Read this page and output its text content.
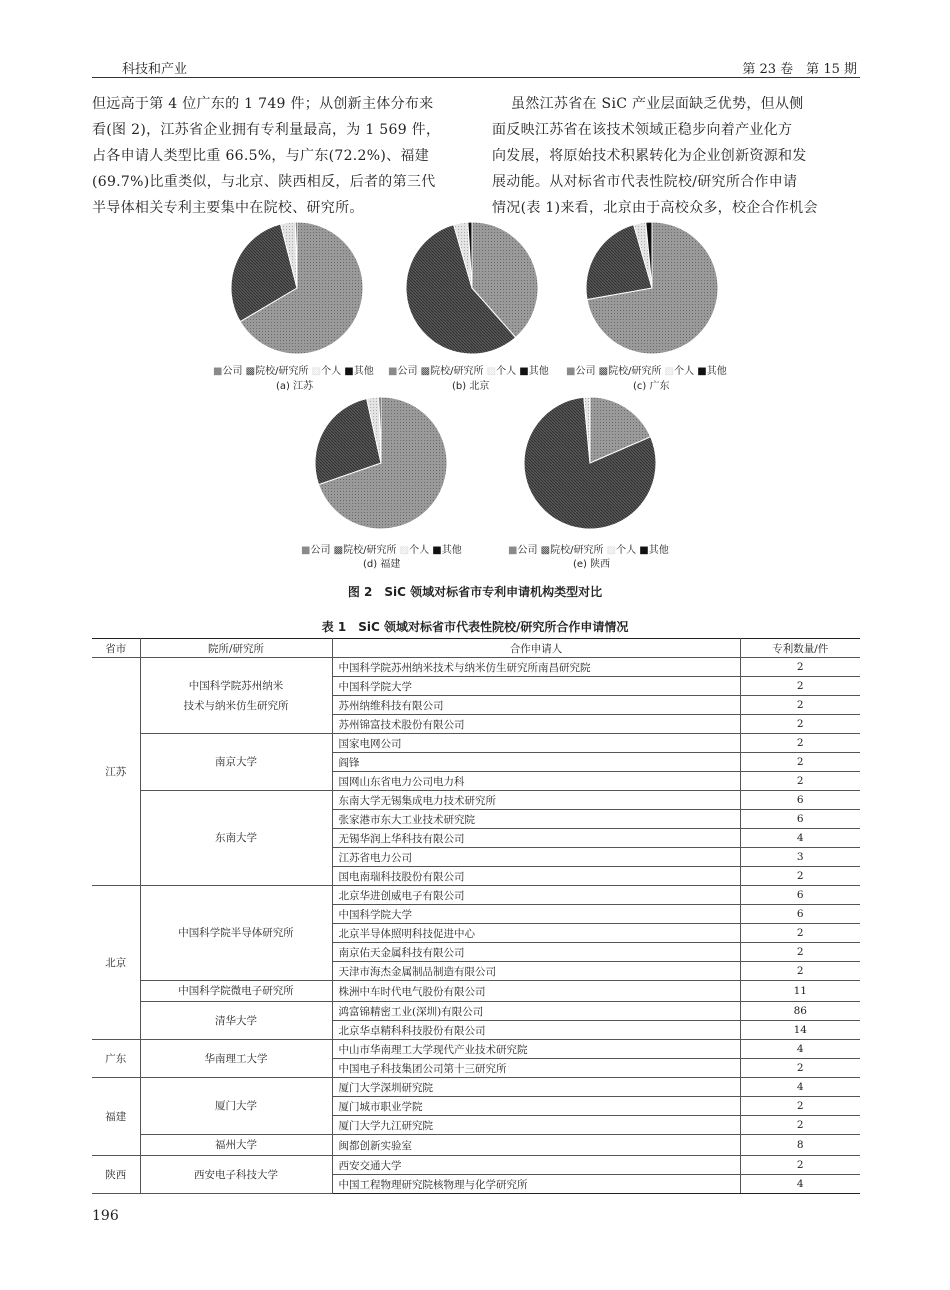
科技和产业	第 23 卷　第 15 期
但远高于第 4 位广东的 1 749 件；从创新主体分布来
看(图 2)，江苏省企业拥有专利量最高，为 1 569 件，
占各申请人类型比重 66.5%，与广东(72.2%)、福建
(69.7%)比重类似，与北京、陕西相反，后者的第三代
半导体相关专利主要集中在院校、研究所。
虽然江苏省在 SiC 产业层面缺乏优势，但从侧
面反映江苏省在该技术领域正稳步向着产业化方
向发展，将原始技术积累转化为企业创新资源和发
展动能。从对标省市代表性院校/研究所合作申请
情况(表 1)来看，北京由于高校众多，校企合作机会
■公司 ▩院校/研究所 ▨个人 ■其他 ■公司 ▩院校/研究所 ▨个人 ■其他 ■公司 ▩院校/研究所 ▨个人 ■其他
■公司 ▩院校/研究所 ▨个人 ■其他	■公司 ▩院校/研究所 ▨个人 ■其他
(a) 江苏	(b) 北京	(c) 广东
(d) 福建	(e) 陕西
图 2　SiC 领域对标省市专利申请机构类型对比
表 1　SiC 领域对标省市代表性院校/研究所合作申请情况
省市	院所/研究所	合作申请人	专利数量/件
江苏	中国科学院苏州纳米
技术与纳米仿生研究所	中国科学院苏州纳米技术与纳米仿生研究所南昌研究院	2
		中国科学院大学	2
		苏州纳维科技有限公司	2
		苏州锦富技术股份有限公司	2
	南京大学	国家电网公司	2
		阎锋	2
		国网山东省电力公司电力科	2
	东南大学	东南大学无锡集成电力技术研究所	6
		张家港市东大工业技术研究院	6
		无锡华润上华科技有限公司	4
		江苏省电力公司	3
		国电南瑞科技股份有限公司	2
北京	中国科学院半导体研究所	北京华进创威电子有限公司	6
		中国科学院大学	6
		北京半导体照明科技促进中心	2
		南京佑天金属科技有限公司	2
		天津市海杰金属制品制造有限公司	2
	中国科学院微电子研究所	株洲中车时代电气股份有限公司	11
	清华大学	鸿富锦精密工业(深圳)有限公司	86
		北京华卓精科科技股份有限公司	14
广东	华南理工大学	中山市华南理工大学现代产业技术研究院	4
		中国电子科技集团公司第十三研究所	2
福建	厦门大学	厦门大学深圳研究院	4
		厦门城市职业学院	2
		厦门大学九江研究院	2
	福州大学	闽都创新实验室	8
陕西	西安电子科技大学	西安交通大学	2
		中国工程物理研究院核物理与化学研究所	4
196
